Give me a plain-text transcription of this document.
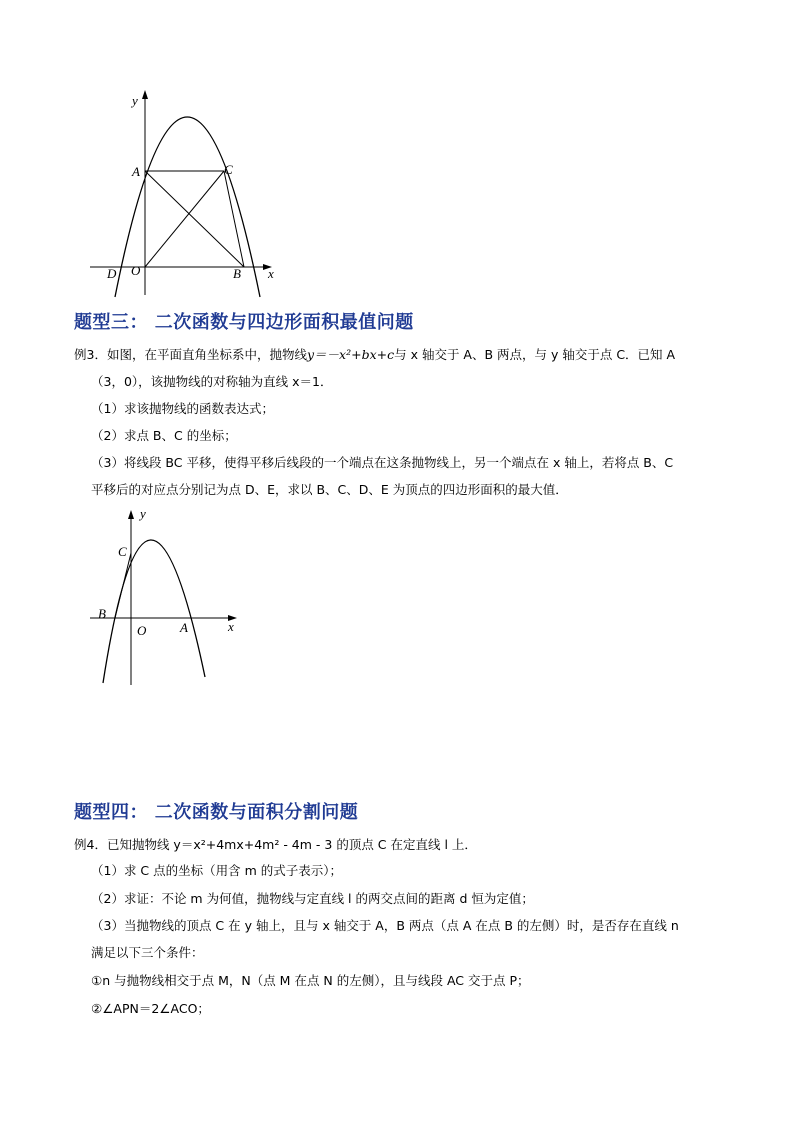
y
A	C
D O	B x
题型三： 二次函数与四边形面积最值问题
例3．如图，在平面直角坐标系中，抛物线y＝－x²+bx+c与 x 轴交于 A、B 两点，与 y 轴交于点 C．已知 A
（3，0），该抛物线的对称轴为直线 x＝1．
（1）求该抛物线的函数表达式；
（2）求点 B、C 的坐标；
（3）将线段 BC 平移，使得平移后线段的一个端点在这条抛物线上，另一个端点在 x 轴上，若将点 B、C
平移后的对应点分别记为点 D、E，求以 B、C、D、E 为顶点的四边形面积的最大值．
y
C
B
O	A	x
题型四： 二次函数与面积分割问题
例4．已知抛物线 y＝x²+4mx+4m² - 4m - 3 的顶点 C 在定直线 l 上．
（1）求 C 点的坐标（用含 m 的式子表示）；
（2）求证：不论 m 为何值，抛物线与定直线 l 的两交点间的距离 d 恒为定值；
（3）当抛物线的顶点 C 在 y 轴上，且与 x 轴交于 A，B 两点（点 A 在点 B 的左侧）时，是否存在直线 n
满足以下三个条件：
①n 与抛物线相交于点 M，N（点 M 在点 N 的左侧），且与线段 AC 交于点 P；
②∠APN＝2∠ACO；
